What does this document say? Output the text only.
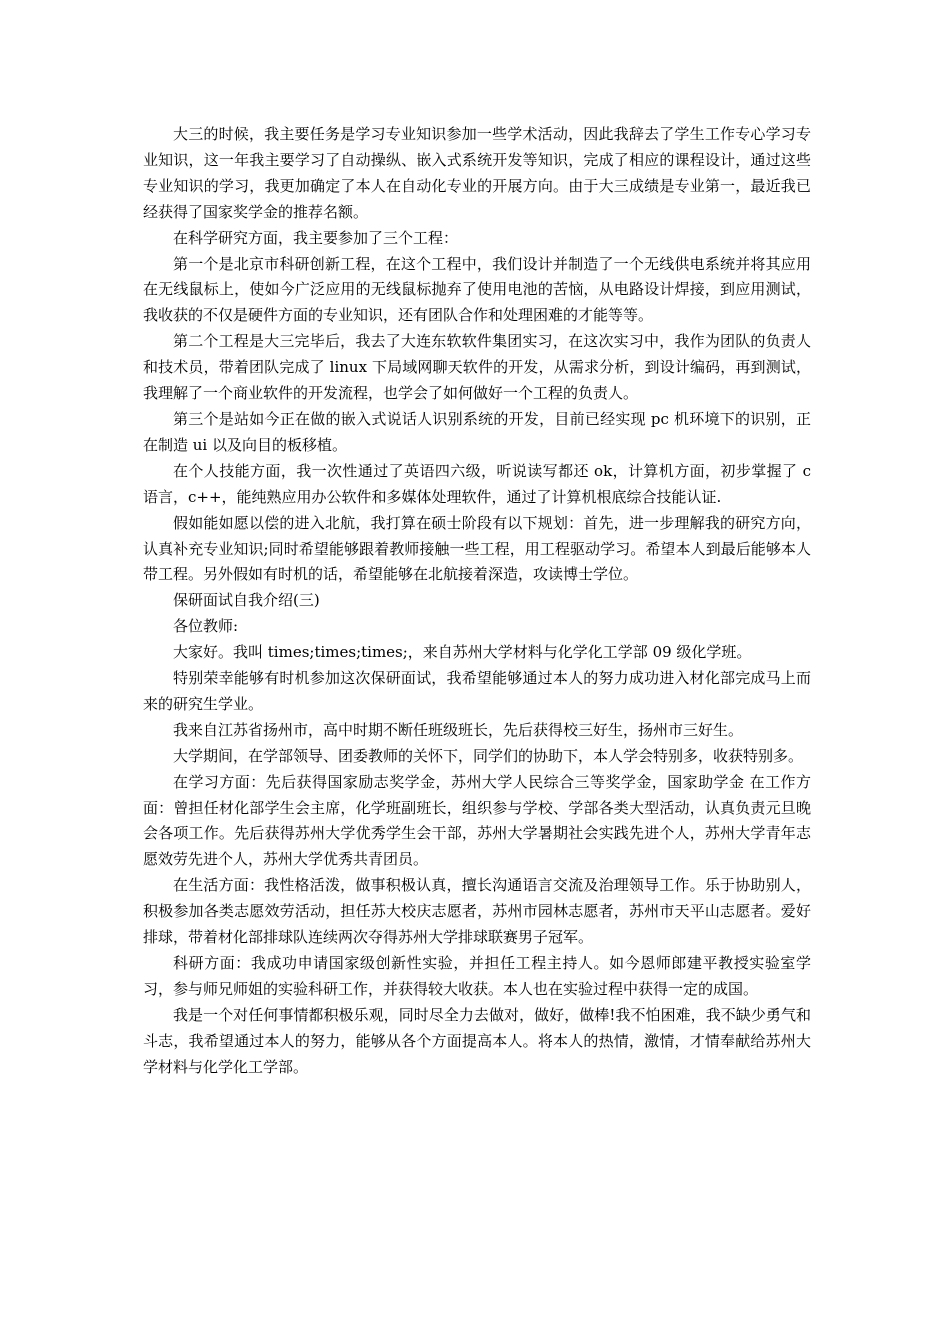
大三的时候，我主要任务是学习专业知识参加一些学术活动，因此我辞去了学生工作专心学习专业知识，这一年我主要学习了自动操纵、嵌入式系统开发等知识，完成了相应的课程设计，通过这些专业知识的学习，我更加确定了本人在自动化专业的开展方向。由于大三成绩是专业第一，最近我已经获得了国家奖学金的推荐名额。

在科学研究方面，我主要参加了三个工程：

第一个是北京市科研创新工程，在这个工程中，我们设计并制造了一个无线供电系统并将其应用在无线鼠标上，使如今广泛应用的无线鼠标抛弃了使用电池的苦恼，从电路设计焊接，到应用测试，我收获的不仅是硬件方面的专业知识，还有团队合作和处理困难的才能等等。

第二个工程是大三完毕后，我去了大连东软软件集团实习，在这次实习中，我作为团队的负责人和技术员，带着团队完成了 linux 下局域网聊天软件的开发，从需求分析，到设计编码，再到测试，我理解了一个商业软件的开发流程，也学会了如何做好一个工程的负责人。

第三个是站如今正在做的嵌入式说话人识别系统的开发，目前已经实现 pc 机环境下的识别，正在制造 ui 以及向目的板移植。

在个人技能方面，我一次性通过了英语四六级，听说读写都还 ok，计算机方面，初步掌握了 c 语言，c++，能纯熟应用办公软件和多媒体处理软件，通过了计算机根底综合技能认证.

假如能如愿以偿的进入北航，我打算在硕士阶段有以下规划：首先，进一步理解我的研究方向，认真补充专业知识;同时希望能够跟着教师接触一些工程，用工程驱动学习。希望本人到最后能够本人带工程。另外假如有时机的话，希望能够在北航接着深造，攻读博士学位。

保研面试自我介绍(三)

各位教师:

大家好。我叫 times;times;times;，来自苏州大学材料与化学化工学部 09 级化学班。

特别荣幸能够有时机参加这次保研面试，我希望能够通过本人的努力成功进入材化部完成马上而来的研究生学业。

我来自江苏省扬州市，高中时期不断任班级班长，先后获得校三好生，扬州市三好生。

大学期间，在学部领导、团委教师的关怀下，同学们的协助下，本人学会特别多，收获特别多。

在学习方面：先后获得国家励志奖学金，苏州大学人民综合三等奖学金，国家助学金 在工作方面：曾担任材化部学生会主席，化学班副班长，组织参与学校、学部各类大型活动，认真负责元旦晚会各项工作。先后获得苏州大学优秀学生会干部，苏州大学暑期社会实践先进个人，苏州大学青年志愿效劳先进个人，苏州大学优秀共青团员。

在生活方面：我性格活泼，做事积极认真，擅长沟通语言交流及治理领导工作。乐于协助别人，积极参加各类志愿效劳活动，担任苏大校庆志愿者，苏州市园林志愿者，苏州市天平山志愿者。爱好排球，带着材化部排球队连续两次夺得苏州大学排球联赛男子冠军。

科研方面：我成功申请国家级创新性实验，并担任工程主持人。如今恩师郎建平教授实验室学习，参与师兄师姐的实验科研工作，并获得较大收获。本人也在实验过程中获得一定的成国。

我是一个对任何事情都积极乐观，同时尽全力去做对，做好，做棒!我不怕困难，我不缺少勇气和斗志，我希望通过本人的努力，能够从各个方面提高本人。将本人的热情，激情，才情奉献给苏州大学材料与化学化工学部。
